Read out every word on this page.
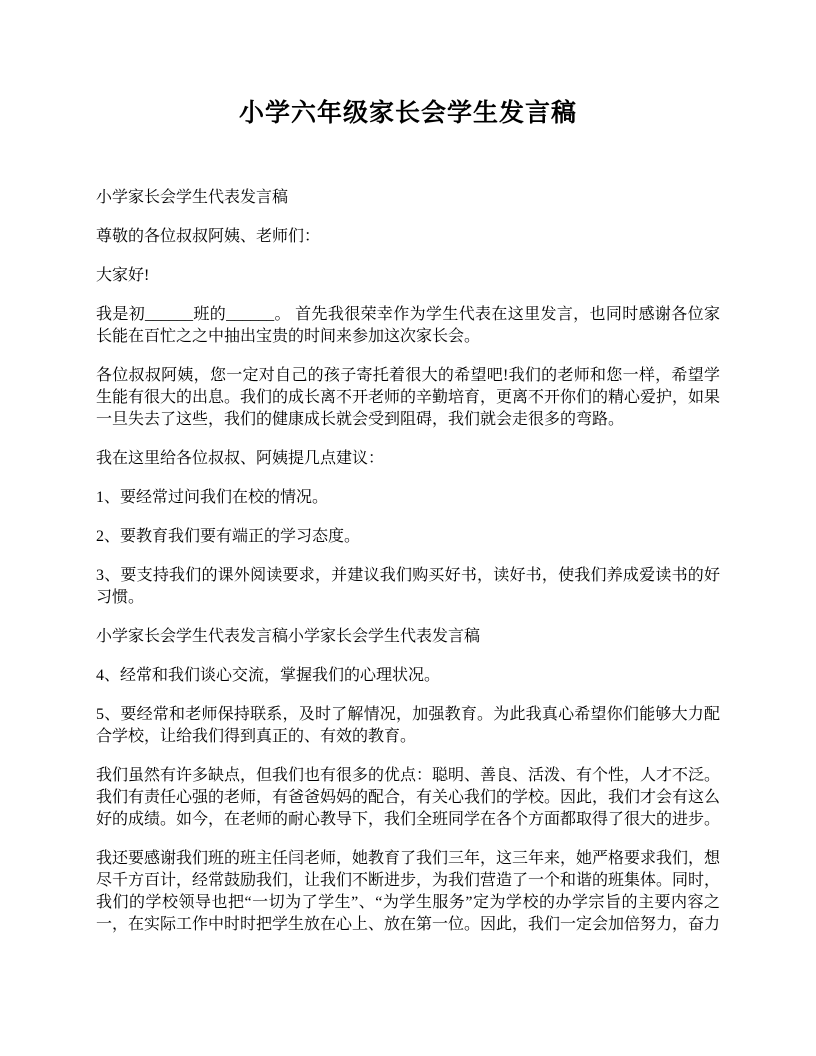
小学六年级家长会学生发言稿

小学家长会学生代表发言稿

尊敬的各位叔叔阿姨、老师们：

大家好!

我是初______班的______。 首先我很荣幸作为学生代表在这里发言，也同时感谢各位家长能在百忙之之中抽出宝贵的时间来参加这次家长会。

各位叔叔阿姨，您一定对自己的孩子寄托着很大的希望吧!我们的老师和您一样，希望学生能有很大的出息。我们的成长离不开老师的辛勤培育，更离不开你们的精心爱护，如果一旦失去了这些，我们的健康成长就会受到阻碍，我们就会走很多的弯路。

我在这里给各位叔叔、阿姨提几点建议：

1、要经常过问我们在校的情况。

2、要教育我们要有端正的学习态度。

3、要支持我们的课外阅读要求，并建议我们购买好书，读好书，使我们养成爱读书的好习惯。

小学家长会学生代表发言稿小学家长会学生代表发言稿

4、经常和我们谈心交流，掌握我们的心理状况。

5、要经常和老师保持联系，及时了解情况，加强教育。为此我真心希望你们能够大力配合学校，让给我们得到真正的、有效的教育。

我们虽然有许多缺点，但我们也有很多的优点：聪明、善良、活泼、有个性，人才不泛。我们有责任心强的老师，有爸爸妈妈的配合，有关心我们的学校。因此，我们才会有这么好的成绩。如今，在老师的耐心教导下，我们全班同学在各个方面都取得了很大的进步。

我还要感谢我们班的班主任闫老师，她教育了我们三年，这三年来，她严格要求我们，想尽千方百计，经常鼓励我们，让我们不断进步，为我们营造了一个和谐的班集体。同时，我们的学校领导也把“一切为了学生”、“为学生服务”定为学校的办学宗旨的主要内容之一，在实际工作中时时把学生放在心上、放在第一位。因此，我们一定会加倍努力，奋力
